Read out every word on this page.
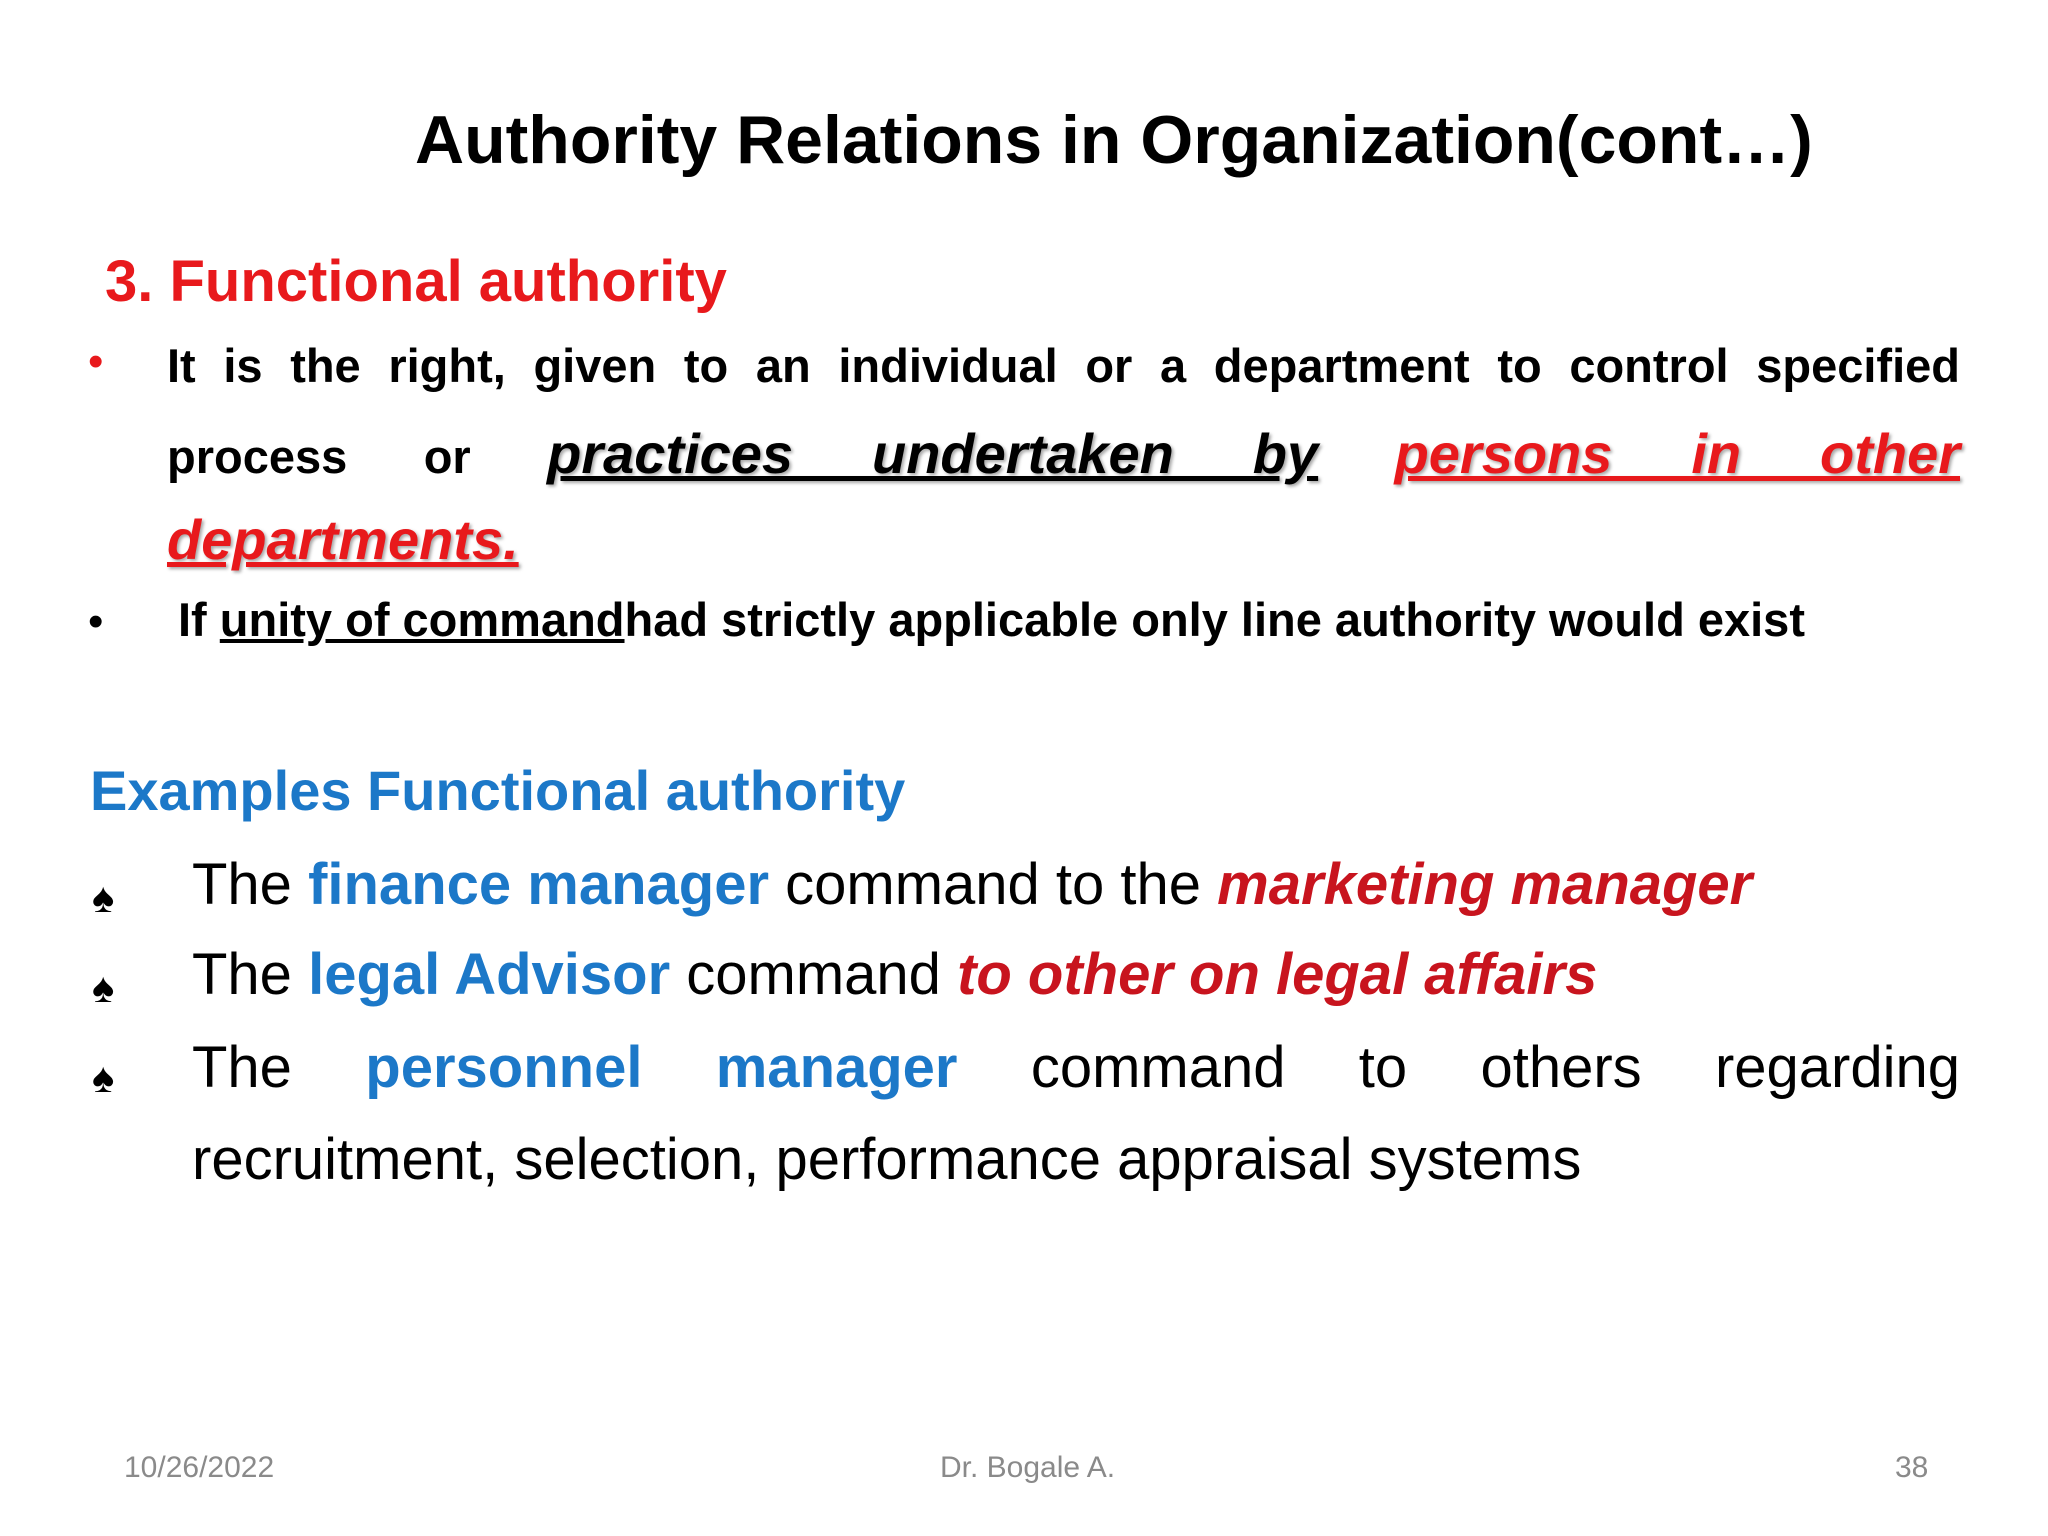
Authority Relations in Organization(cont…)
3. Functional authority
• It is the right, given to an individual or a department to control specified process or practices undertaken by persons in other
departments.
• If unity of commandhad strictly applicable only line authority would exist
Examples Functional authority
♠ The finance manager command to the marketing manager
♠ The legal Advisor command to other on legal affairs
♠ The personnel manager command to others regarding
recruitment, selection, performance appraisal systems
10/26/2022	Dr. Bogale A.	38
